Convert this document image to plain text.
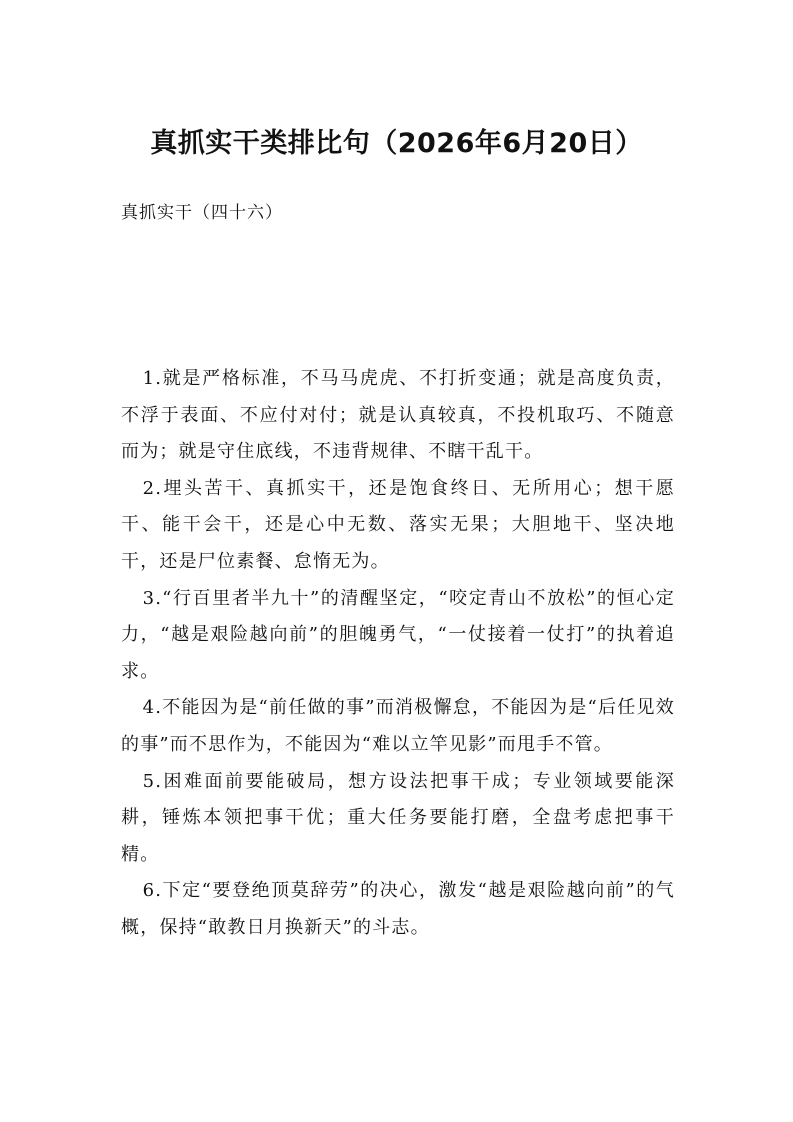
真抓实干类排比句（2026年6月20日）

真抓实干（四十六）

1.就是严格标准，不马马虎虎、不打折变通；就是高度负责，不浮于表面、不应付对付；就是认真较真，不投机取巧、不随意而为；就是守住底线，不违背规律、不瞎干乱干。

2.埋头苦干、真抓实干，还是饱食终日、无所用心；想干愿干、能干会干，还是心中无数、落实无果；大胆地干、坚决地干，还是尸位素餐、怠惰无为。

3.“行百里者半九十”的清醒坚定，“咬定青山不放松”的恒心定力，“越是艰险越向前”的胆魄勇气，“一仗接着一仗打”的执着追求。

4.不能因为是“前任做的事”而消极懈怠，不能因为是“后任见效的事”而不思作为，不能因为“难以立竿见影”而甩手不管。

5.困难面前要能破局，想方设法把事干成；专业领域要能深耕，锤炼本领把事干优；重大任务要能打磨，全盘考虑把事干精。

6.下定“要登绝顶莫辞劳”的决心，激发“越是艰险越向前”的气概，保持“敢教日月换新天”的斗志。
